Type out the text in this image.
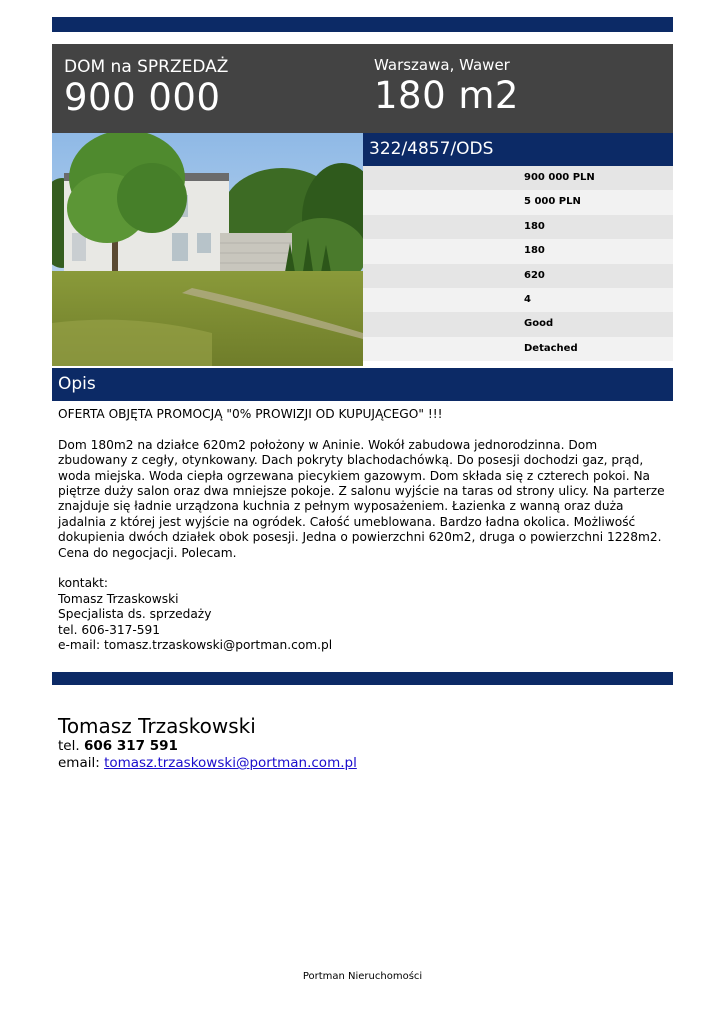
DOM na SPRZEDAŻ
900 000
Warszawa, Wawer
180 m2
322/4857/ODS
900 000 PLN
5 000 PLN
180
180
620
4
Good
Detached
Opis

OFERTA OBJĘTA PROMOCJĄ "0% PROWIZJI OD KUPUJĄCEGO" !!!

Dom 180m2 na działce 620m2 położony w Aninie. Wokół zabudowa jednorodzinna. Dom zbudowany z cegły, otynkowany. Dach pokryty blachodachówką. Do posesji dochodzi gaz, prąd, woda miejska. Woda ciepła ogrzewana piecykiem gazowym. Dom składa się z czterech pokoi. Na piętrze duży salon oraz dwa mniejsze pokoje. Z salonu wyjście na taras od strony ulicy. Na parterze znajduje się ładnie urządzona kuchnia z pełnym wyposażeniem. Łazienka z wanną oraz duża jadalnia z której jest wyjście na ogródek. Całość umeblowana. Bardzo ładna okolica. Możliwość dokupienia dwóch działek obok posesji. Jedna o powierzchni 620m2, druga o powierzchni 1228m2. Cena do negocjacji. Polecam.

kontakt:

Tomasz Trzaskowski

Specjalista ds. sprzedaży

tel. 606-317-591

e-mail: tomasz.trzaskowski@portman.com.pl

Tomasz Trzaskowski
tel. 606 317 591
email: tomasz.trzaskowski@portman.com.pl
Portman Nieruchomości
